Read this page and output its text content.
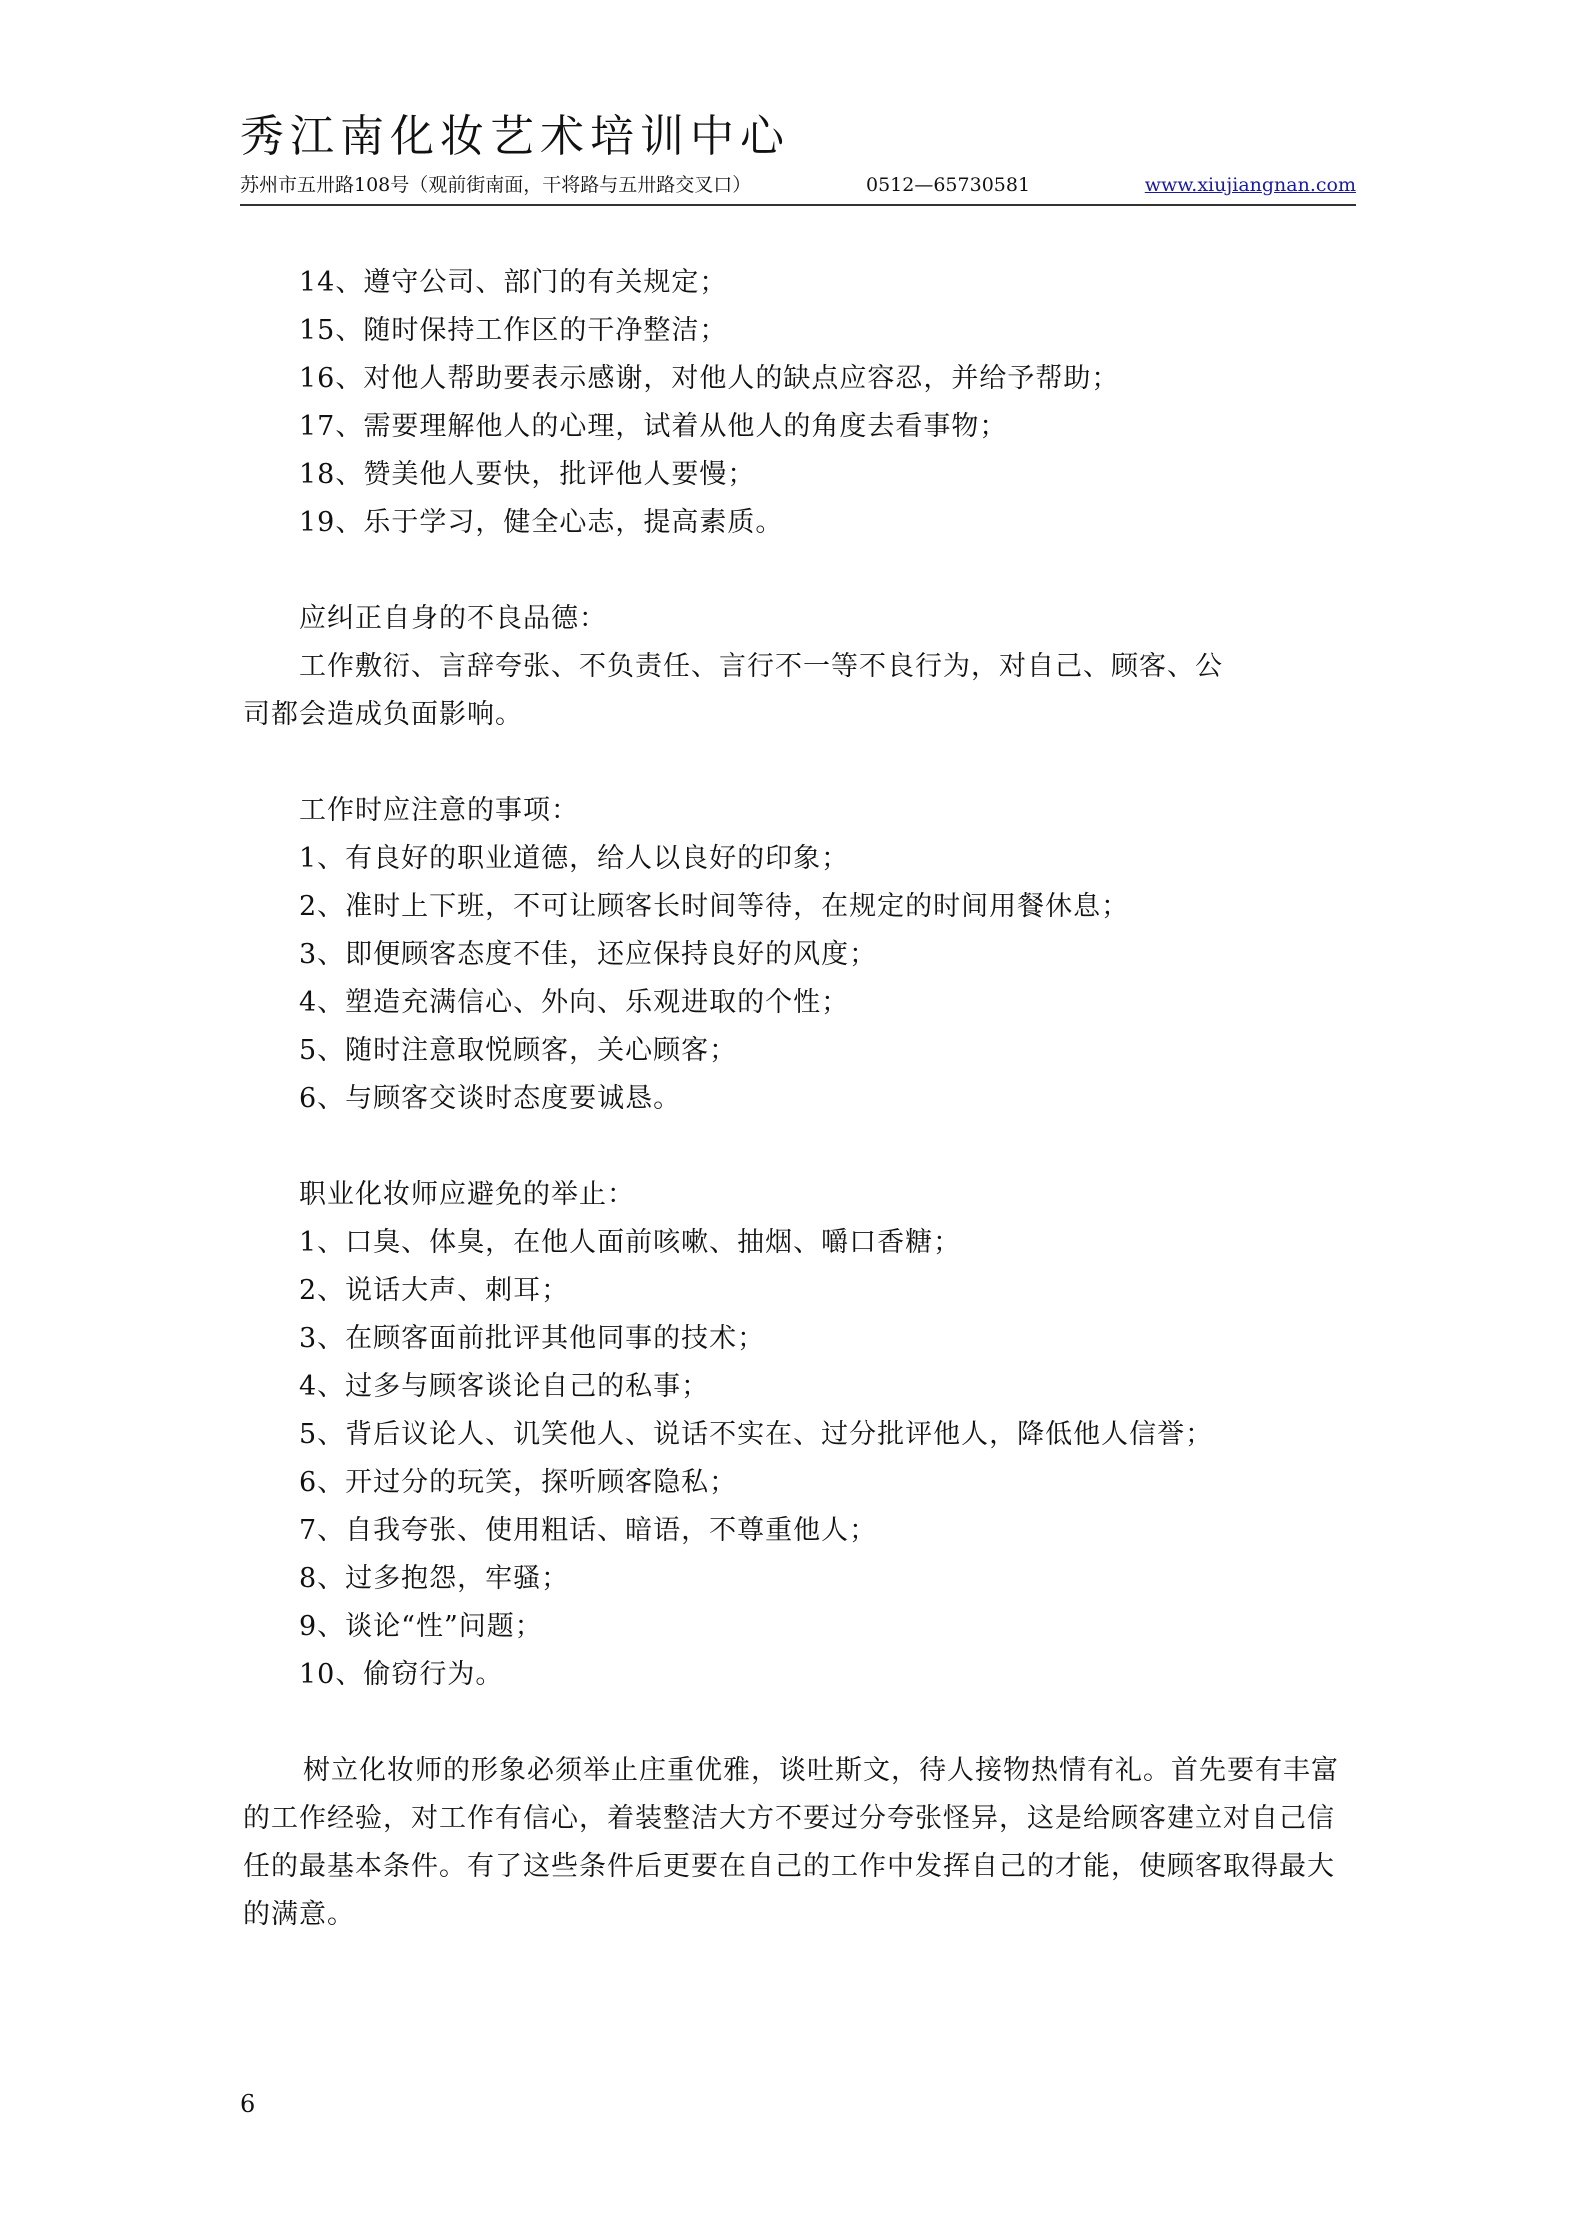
秀江南化妆艺术培训中心
苏州市五卅路108号（观前街南面，干将路与五卅路交叉口）	0512—65730581	www.xiujiangnan.com
14、遵守公司、部门的有关规定；
15、随时保持工作区的干净整洁；
16、对他人帮助要表示感谢，对他人的缺点应容忍，并给予帮助；
17、需要理解他人的心理，试着从他人的角度去看事物；
18、赞美他人要快，批评他人要慢；
19、乐于学习，健全心志，提高素质。
应纠正自身的不良品德：
工作敷衍、言辞夸张、不负责任、言行不一等不良行为，对自己、顾客、公
司都会造成负面影响。
工作时应注意的事项：
1、有良好的职业道德，给人以良好的印象；
2、准时上下班，不可让顾客长时间等待，在规定的时间用餐休息；
3、即便顾客态度不佳，还应保持良好的风度；
4、塑造充满信心、外向、乐观进取的个性；
5、随时注意取悦顾客，关心顾客；
6、与顾客交谈时态度要诚恳。
职业化妆师应避免的举止：
1、口臭、体臭，在他人面前咳嗽、抽烟、嚼口香糖；
2、说话大声、刺耳；
3、在顾客面前批评其他同事的技术；
4、过多与顾客谈论自己的私事；
5、背后议论人、讥笑他人、说话不实在、过分批评他人，降低他人信誉；
6、开过分的玩笑，探听顾客隐私；
7、自我夸张、使用粗话、暗语，不尊重他人；
8、过多抱怨，牢骚；
9、谈论“性”问题；
10、偷窃行为。

树立化妆师的形象必须举止庄重优雅，谈吐斯文，待人接物热情有礼。首先要有丰富的工作经验，对工作有信心，着装整洁大方不要过分夸张怪异，这是给顾客建立对自己信任的最基本条件。有了这些条件后更要在自己的工作中发挥自己的才能，使顾客取得最大的满意。

6
